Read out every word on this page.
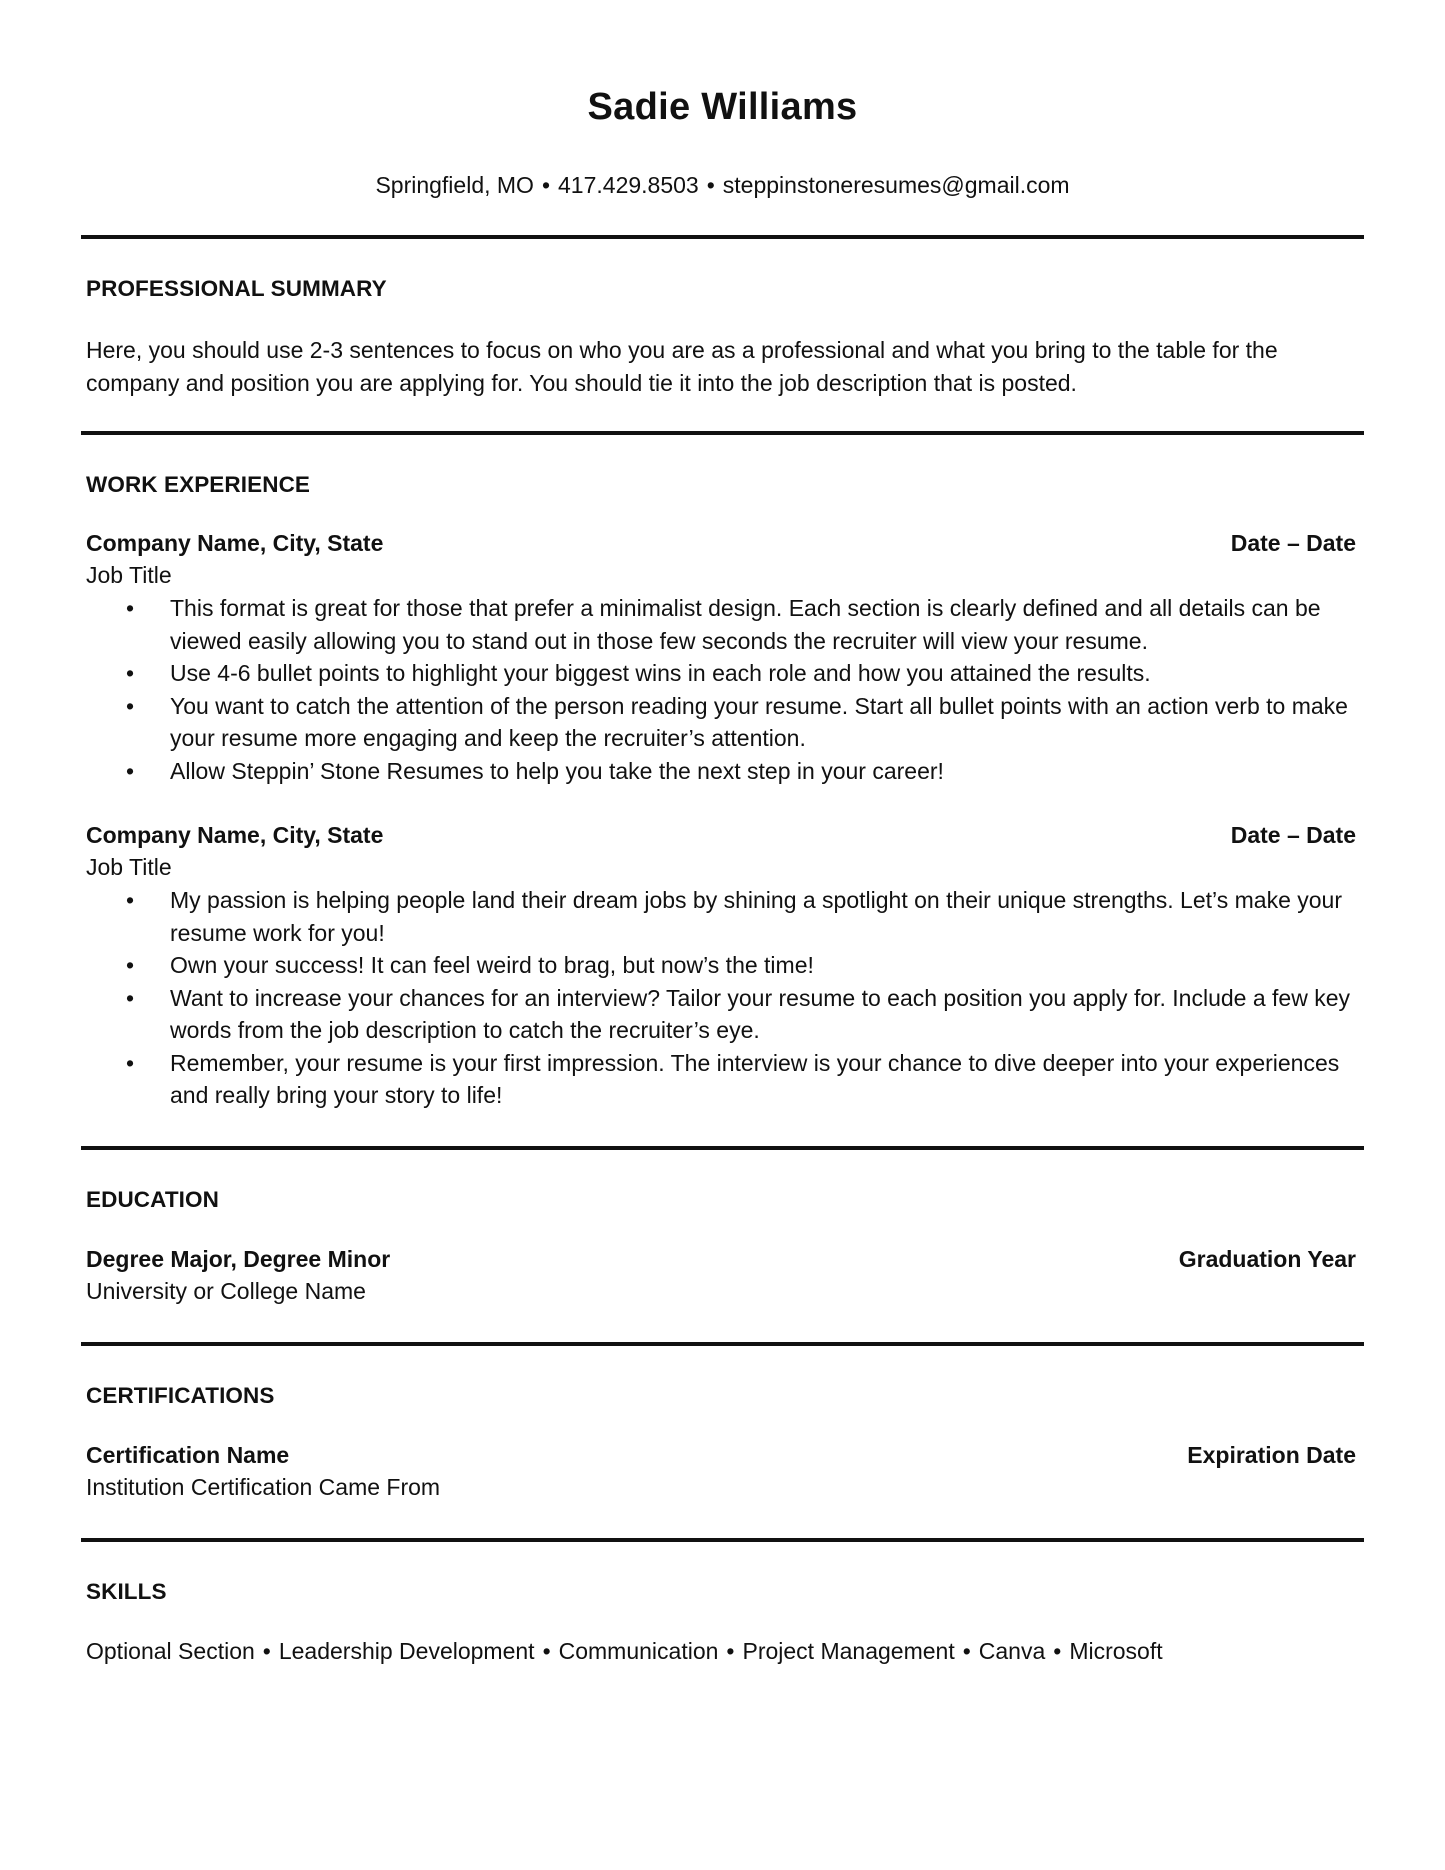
Sadie Williams
Springfield, MO • 417.429.8503 • steppinstoneresumes@gmail.com
PROFESSIONAL SUMMARY
Here, you should use 2-3 sentences to focus on who you are as a professional and what you bring to the table for the company and position you are applying for. You should tie it into the job description that is posted.
WORK EXPERIENCE
Company Name, City, State	Date – Date
Job Title
• This format is great for those that prefer a minimalist design. Each section is clearly defined and all details can be viewed easily allowing you to stand out in those few seconds the recruiter will view your resume.
• Use 4-6 bullet points to highlight your biggest wins in each role and how you attained the results.
• You want to catch the attention of the person reading your resume. Start all bullet points with an action verb to make your resume more engaging and keep the recruiter’s attention.
• Allow Steppin’ Stone Resumes to help you take the next step in your career!
Company Name, City, State	Date – Date
Job Title
• My passion is helping people land their dream jobs by shining a spotlight on their unique strengths. Let’s make your resume work for you!
• Own your success! It can feel weird to brag, but now’s the time!
• Want to increase your chances for an interview? Tailor your resume to each position you apply for. Include a few key words from the job description to catch the recruiter’s eye.
• Remember, your resume is your first impression. The interview is your chance to dive deeper into your experiences and really bring your story to life!
EDUCATION
Degree Major, Degree Minor	Graduation Year
University or College Name
CERTIFICATIONS
Certification Name	Expiration Date
Institution Certification Came From
SKILLS
Optional Section • Leadership Development • Communication • Project Management • Canva • Microsoft
